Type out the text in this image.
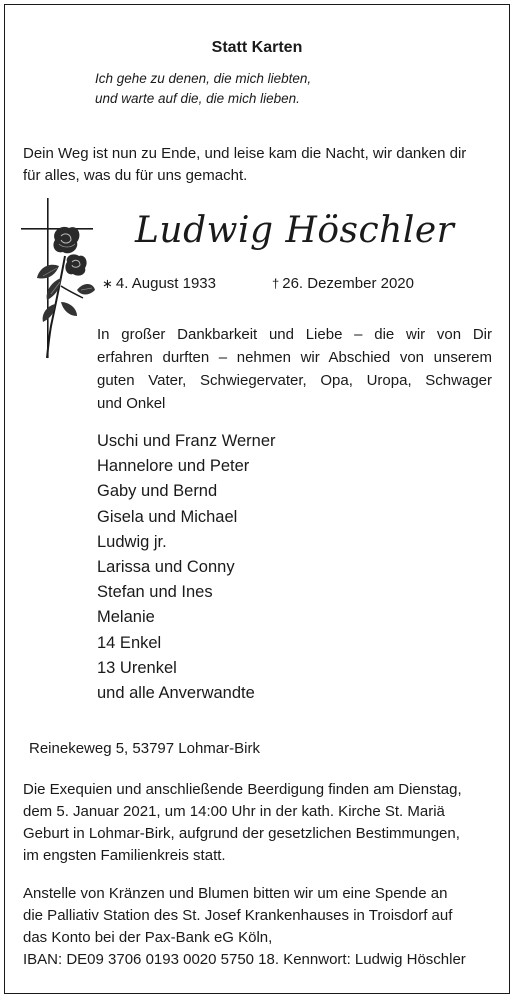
Statt Karten
Ich gehe zu denen, die mich liebten,
und warte auf die, die mich lieben.
Dein Weg ist nun zu Ende, und leise kam die Nacht, wir danken dir
für alles, was du für uns gemacht.
Ludwig Höschler
∗ 4. August 1933	† 26. Dezember 2020
In großer Dankbarkeit und Liebe – die wir von Dir
erfahren durften – nehmen wir Abschied von unserem
guten Vater, Schwiegervater, Opa, Uropa, Schwager
und Onkel
Uschi und Franz Werner
Hannelore und Peter
Gaby und Bernd
Gisela und Michael
Ludwig jr.
Larissa und Conny
Stefan und Ines
Melanie
14 Enkel
13 Urenkel
und alle Anverwandte
Reinekeweg 5, 53797 Lohmar-Birk
Die Exequien und anschließende Beerdigung finden am Dienstag,
dem 5. Januar 2021, um 14:00 Uhr in der kath. Kirche St. Mariä
Geburt in Lohmar-Birk, aufgrund der gesetzlichen Bestimmungen,
im engsten Familienkreis statt.
Anstelle von Kränzen und Blumen bitten wir um eine Spende an
die Palliativ Station des St. Josef Krankenhauses in Troisdorf auf
das Konto bei der Pax-Bank eG Köln,
IBAN: DE09 3706 0193 0020 5750 18. Kennwort: Ludwig Höschler
